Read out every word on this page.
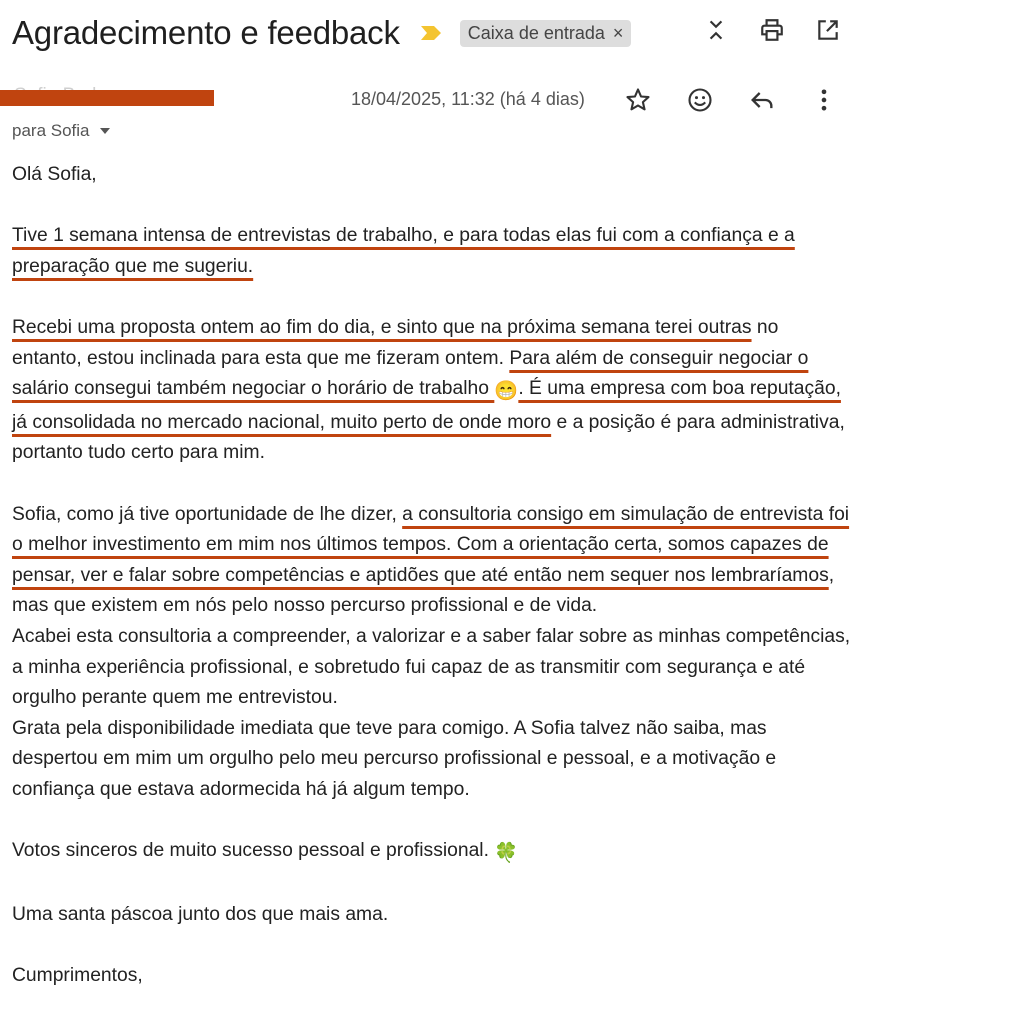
Agradecimento e feedback	Caixa de entrada ×
18/04/2025, 11:32 (há 4 dias)
para Sofia

Olá Sofia,

Tive 1 semana intensa de entrevistas de trabalho, e para todas elas fui com a confiança e a preparação que me sugeriu.

Recebi uma proposta ontem ao fim do dia, e sinto que na próxima semana terei outras no entanto, estou inclinada para esta que me fizeram ontem. Para além de conseguir negociar o salário consegui também negociar o horário de trabalho 😁. É uma empresa com boa reputação, já consolidada no mercado nacional, muito perto de onde moro e a posição é para administrativa, portanto tudo certo para mim.

Sofia, como já tive oportunidade de lhe dizer, a consultoria consigo em simulação de entrevista foi o melhor investimento em mim nos últimos tempos. Com a orientação certa, somos capazes de pensar, ver e falar sobre competências e aptidões que até então nem sequer nos lembraríamos, mas que existem em nós pelo nosso percurso profissional e de vida.

Acabei esta consultoria a compreender, a valorizar e a saber falar sobre as minhas competências, a minha experiência profissional, e sobretudo fui capaz de as transmitir com segurança e até orgulho perante quem me entrevistou.

Grata pela disponibilidade imediata que teve para comigo. A Sofia talvez não saiba, mas despertou em mim um orgulho pelo meu percurso profissional e pessoal, e a motivação e confiança que estava adormecida há já algum tempo.

Votos sinceros de muito sucesso pessoal e profissional. 🍀

Uma santa páscoa junto dos que mais ama.

Cumprimentos,
